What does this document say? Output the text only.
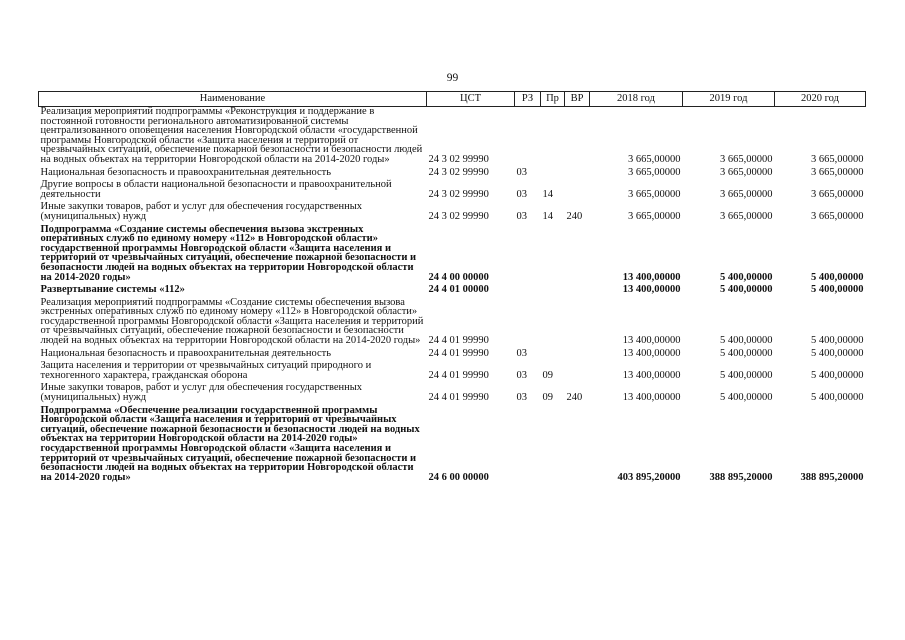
99
Наименование	ЦСТ	РЗ	Пр	ВР	2018 год	2019 год	2020 год
Реализация мероприятий подпрограммы «Реконструкция и поддержание в постоянной готовности регионального автоматизированной системы централизованного оповещения населения Новгородской области «государственной программы Новгородской области «Защита населения и территорий от чрезвычайных ситуаций, обеспечение пожарной безопасности и безопасности людей на водных объектах на территории Новгородской области на 2014-2020 годы»	24 3 02 99990				3 665,00000	3 665,00000	3 665,00000
Национальная безопасность и правоохранительная деятельность	24 3 02 99990	03			3 665,00000	3 665,00000	3 665,00000
Другие вопросы в области национальной безопасности и правоохранительной деятельности	24 3 02 99990	03	14		3 665,00000	3 665,00000	3 665,00000
Иные закупки товаров, работ и услуг для обеспечения государственных (муниципальных) нужд	24 3 02 99990	03	14	240	3 665,00000	3 665,00000	3 665,00000
Подпрограмма «Создание системы обеспечения вызова экстренных оперативных служб по единому номеру «112» в Новгородской области» государственной программы Новгородской области «Защита населения и территорий от чрезвычайных ситуаций, обеспечение пожарной безопасности и безопасности людей на водных объектах на территории Новгородской области на 2014-2020 годы»	24 4 00 00000				13 400,00000	5 400,00000	5 400,00000
Развертывание системы «112»	24 4 01 00000				13 400,00000	5 400,00000	5 400,00000
Реализация мероприятий подпрограммы «Создание системы обеспечения вызова экстренных оперативных служб по единому номеру «112» в Новгородской области» государственной программы Новгородской области «Защита населения и территорий от чрезвычайных ситуаций, обеспечение пожарной безопасности и безопасности людей на водных объектах на территории Новгородской области на 2014-2020 годы»	24 4 01 99990				13 400,00000	5 400,00000	5 400,00000
Национальная безопасность и правоохранительная деятельность	24 4 01 99990	03			13 400,00000	5 400,00000	5 400,00000
Защита населения и территории от чрезвычайных ситуаций природного и техногенного характера, гражданская оборона	24 4 01 99990	03	09		13 400,00000	5 400,00000	5 400,00000
Иные закупки товаров, работ и услуг для обеспечения государственных (муниципальных) нужд	24 4 01 99990	03	09	240	13 400,00000	5 400,00000	5 400,00000
Подпрограмма «Обеспечение реализации государственной программы Новгородской области «Защита населения и территорий от чрезвычайных ситуаций, обеспечение пожарной безопасности и безопасности людей на водных объектах на территории Новгородской области на 2014-2020 годы» государственной программы Новгородской области «Защита населения и территорий от чрезвычайных ситуаций, обеспечение пожарной безопасности и безопасности людей на водных объектах на территории Новгородской области на 2014-2020 годы»	24 6 00 00000				403 895,20000	388 895,20000	388 895,20000
